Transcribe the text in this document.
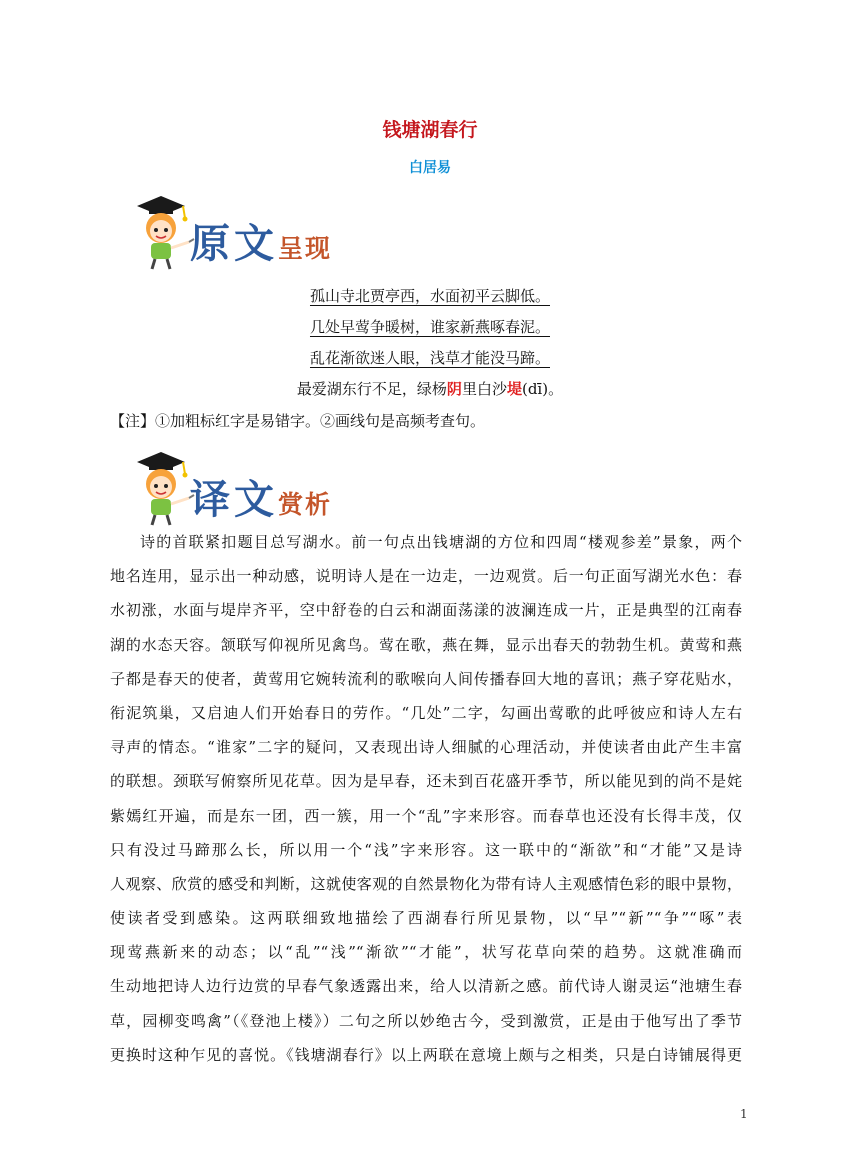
钱塘湖春行
白居易
原文呈现
孤山寺北贾亭西，水面初平云脚低。
几处早莺争暖树，谁家新燕啄春泥。
乱花渐欲迷人眼，浅草才能没马蹄。
最爱湖东行不足，绿杨阴里白沙堤(dī)。
【注】①加粗标红字是易错字。②画线句是高频考查句。
译文赏析
诗的首联紧扣题目总写湖水。前一句点出钱塘湖的方位和四周“楼观参差”景象，两个
地名连用，显示出一种动感，说明诗人是在一边走，一边观赏。后一句正面写湖光水色：春
水初涨，水面与堤岸齐平，空中舒卷的白云和湖面荡漾的波澜连成一片，正是典型的江南春
湖的水态天容。颔联写仰视所见禽鸟。莺在歌，燕在舞，显示出春天的勃勃生机。黄莺和燕
子都是春天的使者，黄莺用它婉转流利的歌喉向人间传播春回大地的喜讯；燕子穿花贴水，
衔泥筑巢，又启迪人们开始春日的劳作。“几处”二字，勾画出莺歌的此呼彼应和诗人左右
寻声的情态。“谁家”二字的疑问，又表现出诗人细腻的心理活动，并使读者由此产生丰富
的联想。颈联写俯察所见花草。因为是早春，还未到百花盛开季节，所以能见到的尚不是姹
紫嫣红开遍，而是东一团，西一簇，用一个“乱”字来形容。而春草也还没有长得丰茂，仅
只有没过马蹄那么长，所以用一个“浅”字来形容。这一联中的“渐欲”和“才能”又是诗
人观察、欣赏的感受和判断，这就使客观的自然景物化为带有诗人主观感情色彩的眼中景物，
使读者受到感染。这两联细致地描绘了西湖春行所见景物，以“早”“新”“争”“啄”表
现莺燕新来的动态；以“乱”“浅”“渐欲”“才能”，状写花草向荣的趋势。这就准确而
生动地把诗人边行边赏的早春气象透露出来，给人以清新之感。前代诗人谢灵运“池塘生春
草，园柳变鸣禽”（《登池上楼》）二句之所以妙绝古今，受到激赏，正是由于他写出了季节
更换时这种乍见的喜悦。《钱塘湖春行》以上两联在意境上颇与之相类，只是白诗铺展得更
1
